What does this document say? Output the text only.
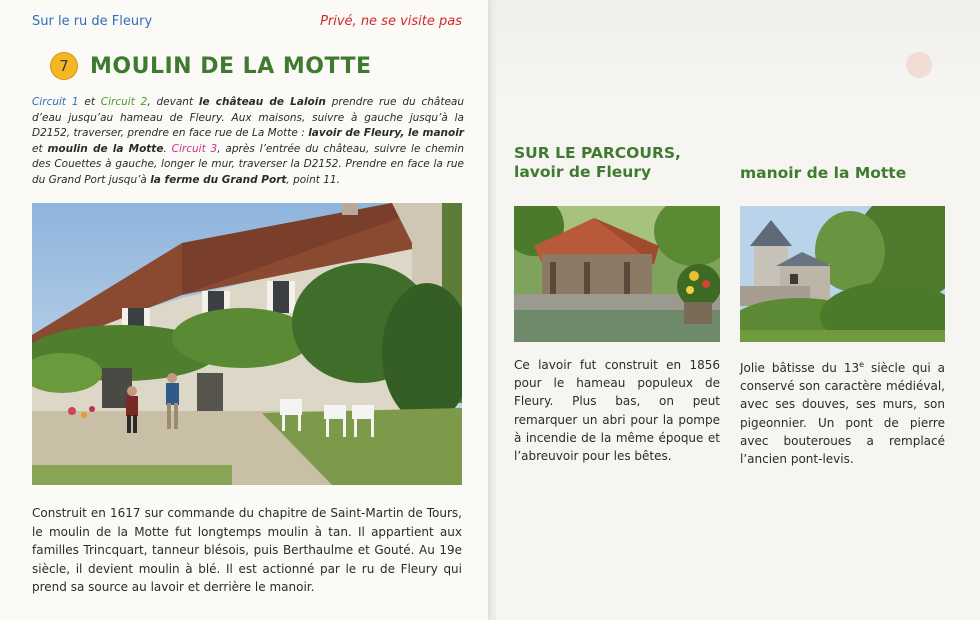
Sur le ru de Fleury	Privé, ne se visite pas
7 MOULIN DE LA MOTTE
Circuit 1 et Circuit 2, devant le château de Laloin prendre rue du château d’eau jusqu’au hameau de Fleury. Aux maisons, suivre à gauche jusqu’à la D2152, traverser, prendre en face rue de La Motte : lavoir de Fleury, le manoir et moulin de la Motte. Circuit 3, après l’entrée du château, suivre le chemin des Couettes à gauche, longer le mur, traverser la D2152. Prendre en face la rue du Grand Port jusqu’à la ferme du Grand Port, point 11.
Construit en 1617 sur commande du chapitre de Saint-Martin de Tours, le moulin de la Motte fut longtemps moulin à tan. Il appartient aux familles Trincquart, tanneur blésois, puis Berthaulme et Gouté. Au 19e siècle, il devient moulin à blé. Il est actionné par le ru de Fleury qui prend sa source au lavoir et derrière le manoir.
SUR LE PARCOURS,
lavoir de Fleury	manoir de la Motte
Ce lavoir fut construit en 1856 pour le hameau populeux de Fleury. Plus bas, on peut remarquer un abri pour la pompe à incendie de la même époque et l’abreuvoir pour les bêtes.
Jolie bâtisse du 13e siècle qui a conservé son caractère médiéval, avec ses douves, ses murs, son pigeonnier. Un pont de pierre avec bouteroues a remplacé l’ancien pont-levis.
